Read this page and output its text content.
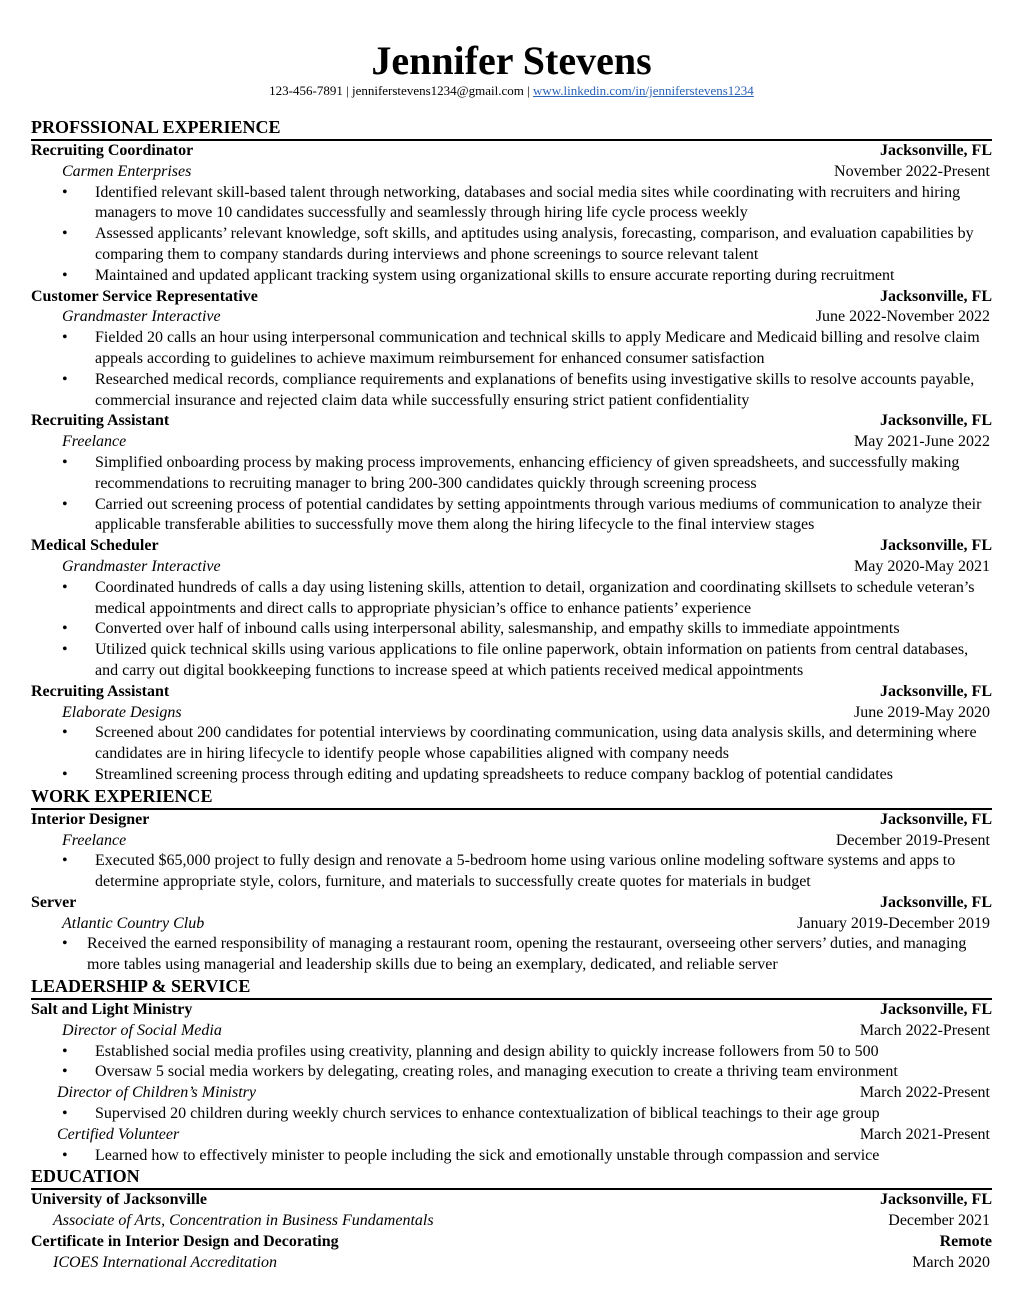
Jennifer Stevens
123-456-7891 | jenniferstevens1234@gmail.com | www.linkedin.com/in/jenniferstevens1234
PROFSSIONAL EXPERIENCE
Recruiting Coordinator	Jacksonville, FL
Carmen Enterprises	November 2022-Present
• Identified relevant skill-based talent through networking, databases and social media sites while coordinating with recruiters and hiring managers to move 10 candidates successfully and seamlessly through hiring life cycle process weekly
• Assessed applicants’ relevant knowledge, soft skills, and aptitudes using analysis, forecasting, comparison, and evaluation capabilities by comparing them to company standards during interviews and phone screenings to source relevant talent
• Maintained and updated applicant tracking system using organizational skills to ensure accurate reporting during recruitment
Customer Service Representative	Jacksonville, FL
Grandmaster Interactive	June 2022-November 2022
• Fielded 20 calls an hour using interpersonal communication and technical skills to apply Medicare and Medicaid billing and resolve claim appeals according to guidelines to achieve maximum reimbursement for enhanced consumer satisfaction
• Researched medical records, compliance requirements and explanations of benefits using investigative skills to resolve accounts payable, commercial insurance and rejected claim data while successfully ensuring strict patient confidentiality
Recruiting Assistant	Jacksonville, FL
Freelance	May 2021-June 2022
• Simplified onboarding process by making process improvements, enhancing efficiency of given spreadsheets, and successfully making recommendations to recruiting manager to bring 200-300 candidates quickly through screening process
• Carried out screening process of potential candidates by setting appointments through various mediums of communication to analyze their applicable transferable abilities to successfully move them along the hiring lifecycle to the final interview stages
Medical Scheduler	Jacksonville, FL
Grandmaster Interactive	May 2020-May 2021
• Coordinated hundreds of calls a day using listening skills, attention to detail, organization and coordinating skillsets to schedule veteran’s medical appointments and direct calls to appropriate physician’s office to enhance patients’ experience
• Converted over half of inbound calls using interpersonal ability, salesmanship, and empathy skills to immediate appointments
• Utilized quick technical skills using various applications to file online paperwork, obtain information on patients from central databases, and carry out digital bookkeeping functions to increase speed at which patients received medical appointments
Recruiting Assistant	Jacksonville, FL
Elaborate Designs	June 2019-May 2020
• Screened about 200 candidates for potential interviews by coordinating communication, using data analysis skills, and determining where candidates are in hiring lifecycle to identify people whose capabilities aligned with company needs
• Streamlined screening process through editing and updating spreadsheets to reduce company backlog of potential candidates
WORK EXPERIENCE
Interior Designer	Jacksonville, FL
Freelance	December 2019-Present
• Executed $65,000 project to fully design and renovate a 5-bedroom home using various online modeling software systems and apps to determine appropriate style, colors, furniture, and materials to successfully create quotes for materials in budget
Server	Jacksonville, FL
Atlantic Country Club	January 2019-December 2019
• Received the earned responsibility of managing a restaurant room, opening the restaurant, overseeing other servers’ duties, and managing more tables using managerial and leadership skills due to being an exemplary, dedicated, and reliable server
LEADERSHIP & SERVICE
Salt and Light Ministry	Jacksonville, FL
Director of Social Media	March 2022-Present
• Established social media profiles using creativity, planning and design ability to quickly increase followers from 50 to 500
• Oversaw 5 social media workers by delegating, creating roles, and managing execution to create a thriving team environment
Director of Children’s Ministry	March 2022-Present
• Supervised 20 children during weekly church services to enhance contextualization of biblical teachings to their age group
Certified Volunteer	March 2021-Present
• Learned how to effectively minister to people including the sick and emotionally unstable through compassion and service
EDUCATION
University of Jacksonville	Jacksonville, FL
Associate of Arts, Concentration in Business Fundamentals	December 2021
Certificate in Interior Design and Decorating	Remote
ICOES International Accreditation	March 2020
